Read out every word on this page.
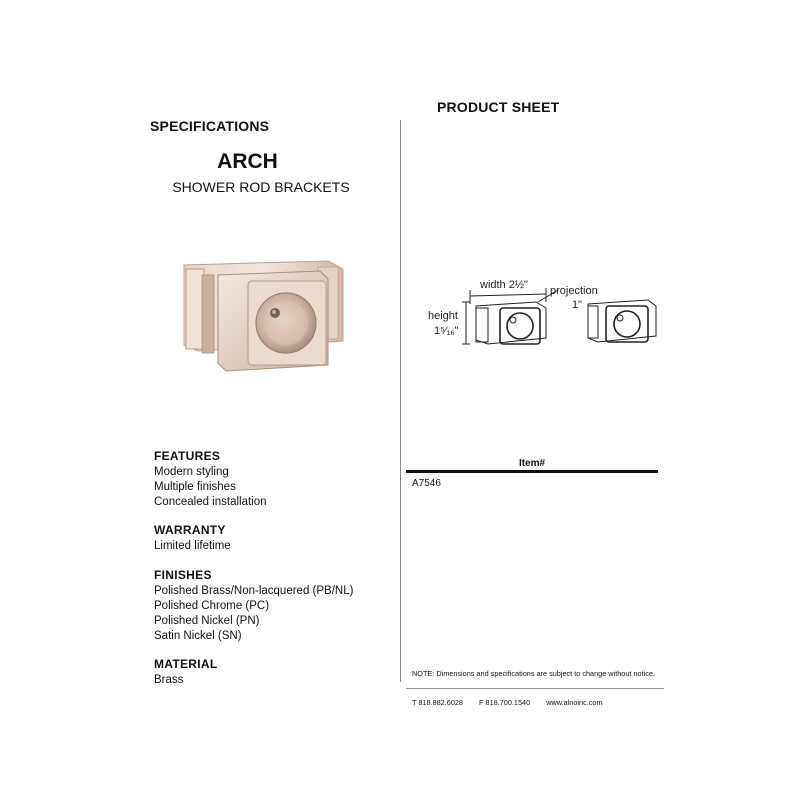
SPECIFICATIONS
PRODUCT SHEET
ARCH
SHOWER ROD BRACKETS
width 2½" projection
1"
height
1⁵⁄₁₆"
FEATURES
Modern styling
Multiple finishes
Concealed installation
WARRANTY
Limited lifetime
FINISHES
Polished Brass/Non-lacquered (PB/NL)
Polished Chrome (PC)
Polished Nickel (PN)
Satin Nickel (SN)
MATERIAL
Brass
Item#
A7546
NOTE: Dimensions and specifications are subject to change without notice.
T 818.882.6028 F 818.700.1540 www.alnoinc.com
